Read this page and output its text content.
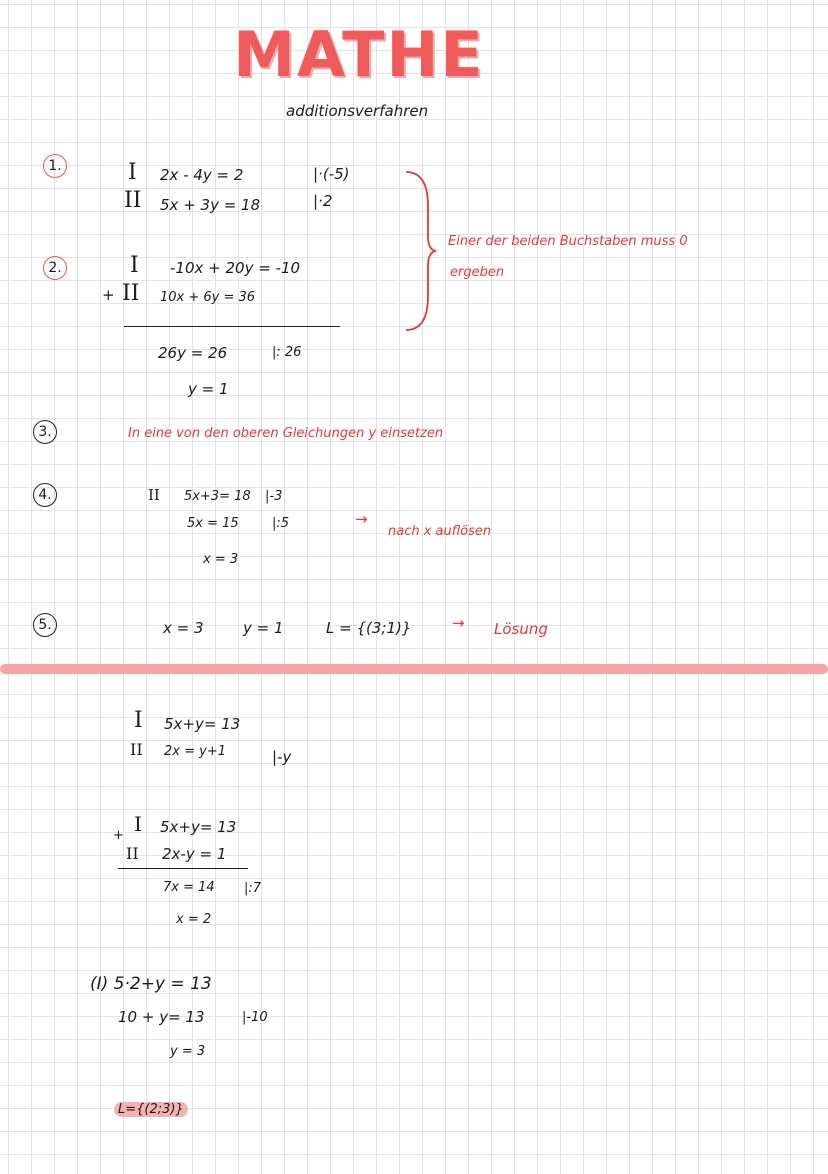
MATHE
additionsverfahren
1.
2.
3.
4.
5.
I 2x - 4y = 2	|·(-5)
II 5x + 3y = 18	|·2
Einer der beiden Buchstaben muss 0
ergeben
I -10x + 20y = -10
+ II 10x + 6y = 36
26y = 26	|: 26
y = 1
In eine von den oberen Gleichungen y einsetzen
II 5x+3= 18 |-3
5x = 15	|:5	→
nach x auflösen
x = 3
x = 3	y = 1	L = {(3;1)}	→ Lösung
I 5x+y= 13
II 2x = y+1	|-y
I 5x+y= 13
+
II 2x-y = 1
7x = 14 |:7
x = 2
(I) 5·2+y = 13
10 + y= 13	|-10
y = 3
L={(2;3)}
